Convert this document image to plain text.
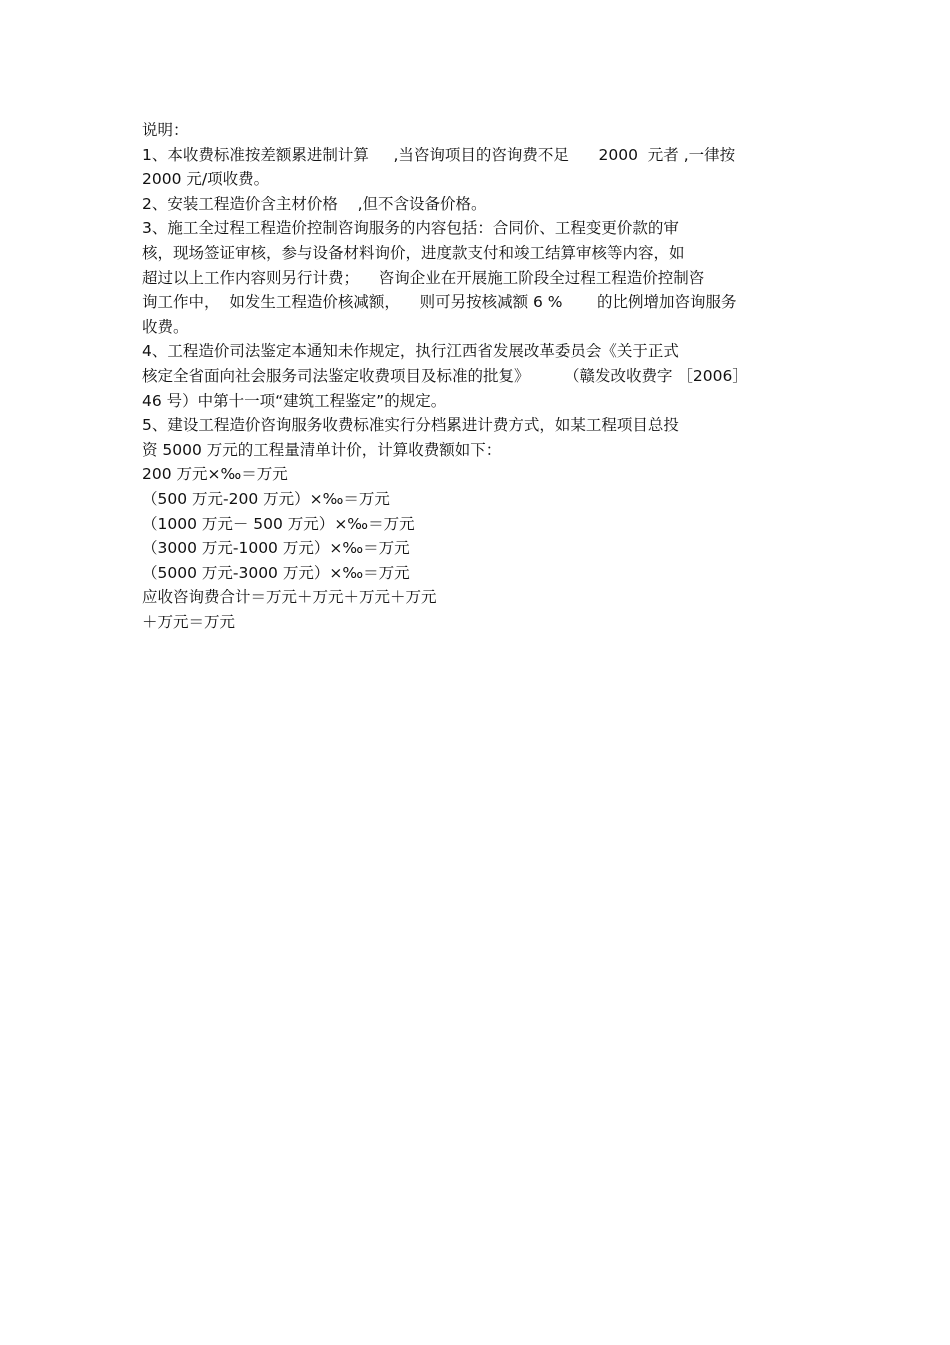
说明：
1、本收费标准按差额累进制计算     ,当咨询项目的咨询费不足      2000  元者 ,一律按
2000 元/项收费。
2、安装工程造价含主材价格    ,但不含设备价格。
3、施工全过程工程造价控制咨询服务的内容包括：合同价、工程变更价款的审
核，现场签证审核，参与设备材料询价，进度款支付和竣工结算审核等内容，如
超过以上工作内容则另行计费；    咨询企业在开展施工阶段全过程工程造价控制咨
询工作中，  如发生工程造价核减额，    则可另按核减额 6 %       的比例增加咨询服务
收费。
4、工程造价司法鉴定本通知未作规定，执行江西省发展改革委员会《关于正式
核定全省面向社会服务司法鉴定收费项目及标准的批复》       （赣发改收费字 ［2006］
46 号）中第十一项“建筑工程鉴定”的规定。
5、建设工程造价咨询服务收费标准实行分档累进计费方式，如某工程项目总投
资 5000 万元的工程量清单计价，计算收费额如下：
200 万元×‰＝万元
（500 万元-200 万元）×‰＝万元
（1000 万元－ 500 万元）×‰＝万元
（3000 万元-1000 万元）×‰＝万元
（5000 万元-3000 万元）×‰＝万元
应收咨询费合计＝万元＋万元＋万元＋万元
＋万元＝万元
